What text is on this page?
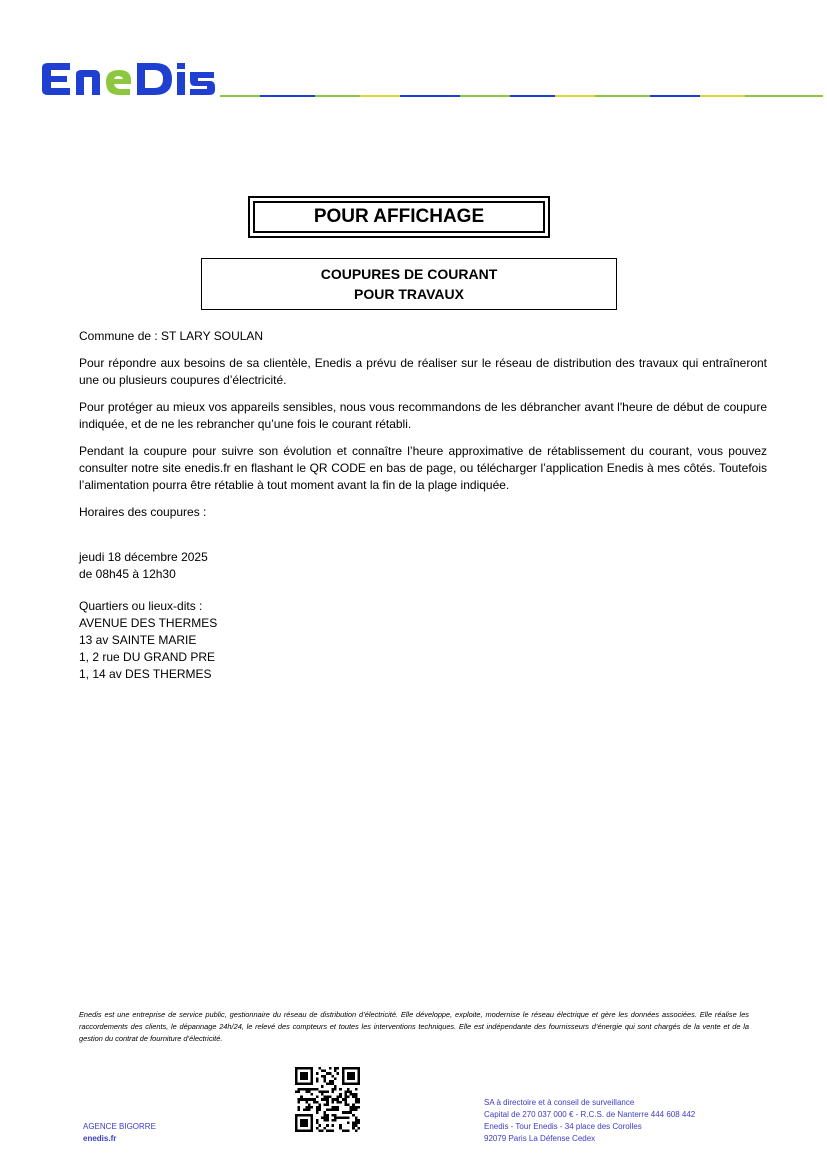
POUR AFFICHAGE
COUPURES DE COURANT
POUR TRAVAUX

Commune de : ST LARY SOULAN

Pour répondre aux besoins de sa clientèle, Enedis a prévu de réaliser sur le réseau de distribution des travaux qui entraîneront une ou plusieurs coupures d’électricité.

Pour protéger au mieux vos appareils sensibles, nous vous recommandons de les débrancher avant l'heure de début de coupure indiquée, et de ne les rebrancher qu’une fois le courant rétabli.

Pendant la coupure pour suivre son évolution et connaître l’heure approximative de rétablissement du courant, vous pouvez consulter notre site enedis.fr en flashant le QR CODE en bas de page, ou télécharger l’application Enedis à mes côtés. Toutefois l’alimentation pourra être rétablie à tout moment avant la fin de la plage indiquée.

Horaires des coupures :

jeudi 18 décembre 2025
de 08h45 à 12h30
Quartiers ou lieux-dits :
AVENUE DES THERMES
13 av SAINTE MARIE
1, 2 rue DU GRAND PRE
1, 14 av DES THERMES
Enedis est une entreprise de service public, gestionnaire du réseau de distribution d’électricité. Elle développe, exploite, modernise le réseau électrique et gère les données associées. Elle réalise les raccordements des clients, le dépannage 24h/24, le relevé des compteurs et toutes les interventions techniques. Elle est indépendante des fournisseurs d’énergie qui sont chargés de la vente et de la gestion du contrat de fourniture d’électricité.
AGENCE BIGORRE
enedis.fr
SA à directoire et à conseil de surveillance
Capital de 270 037 000 € - R.C.S. de Nanterre 444 608 442
Enedis - Tour Enedis - 34 place des Corolles
92079 Paris La Défense Cedex
